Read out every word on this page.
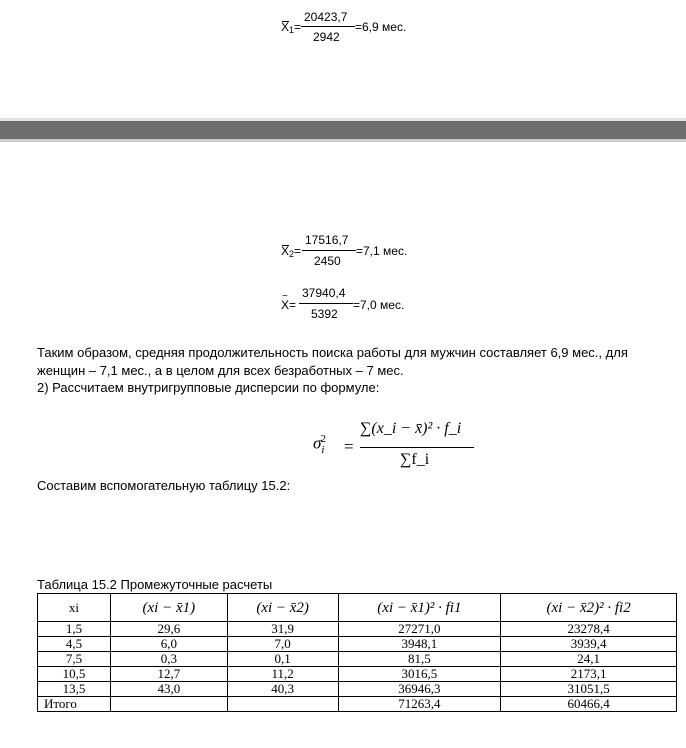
$X_1=$
20423,7
2942
=6,9 мес.
$X_2=$
17516,7
2450
=7,1 мес.
~ X=
37940,4
5392
=7,0 мес.
Таким образом, средняя продолжительность поиска работы для мужчин составляет 6,9 мес., для
женщин – 7,1 мес., а в целом для всех безработных – 7 мес.
2) Рассчитаем внутригрупповые дисперсии по формуле:
$\sigma_i^2$ =
∑(x_i − x̄)² · f_i
∑f_i
Составим вспомогательную таблицу 15.2:
Таблица 15.2 Промежуточные расчеты
xi	(xi − x̄1)	(xi − x̄2)	(xi − x̄1)² · fi1	(xi − x̄2)² · fi2
1,5	29,6	31,9	27271,0	23278,4
4,5	6,0	7,0	3948,1	3939,4
7,5	0,3	0,1	81,5	24,1
10,5	12,7	11,2	3016,5	2173,1
13,5	43,0	40,3	36946,3	31051,5
Итого			71263,4	60466,4
